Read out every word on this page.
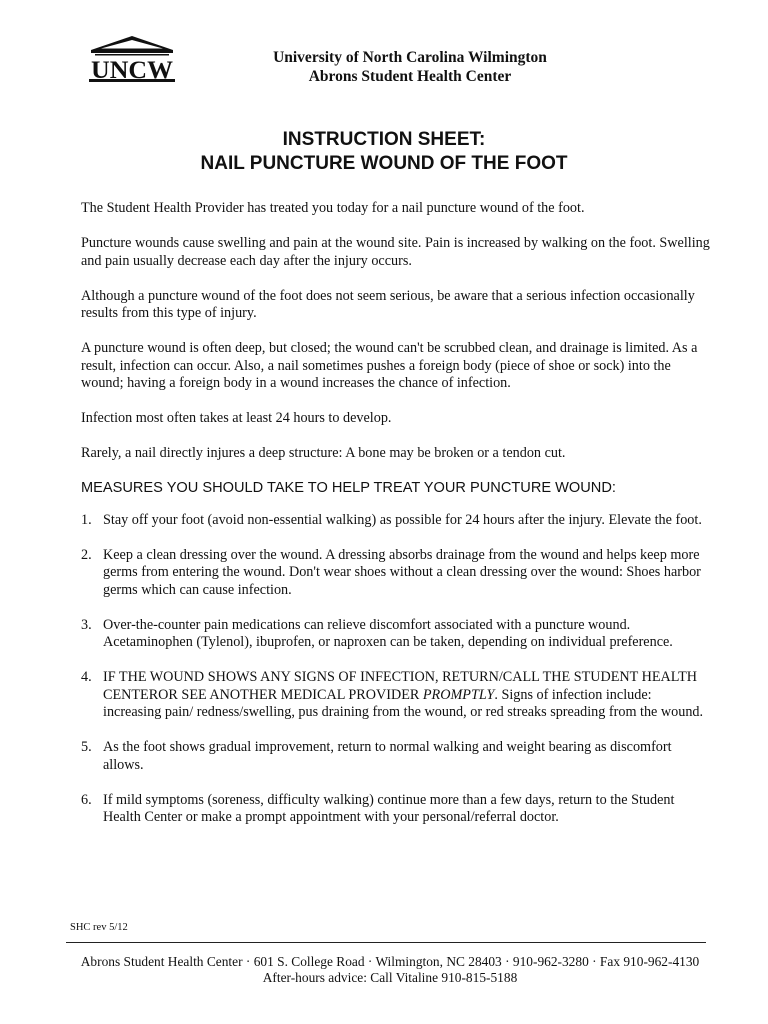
UNCW	University of North Carolina Wilmington
Abrons Student Health Center
INSTRUCTION SHEET:
NAIL PUNCTURE WOUND OF THE FOOT

The Student Health Provider has treated you today for a nail puncture wound of the foot.

Puncture wounds cause swelling and pain at the wound site. Pain is increased by walking on the foot. Swelling and pain usually decrease each day after the injury occurs.

Although a puncture wound of the foot does not seem serious, be aware that a serious infection occasionally results from this type of injury.

A puncture wound is often deep, but closed; the wound can't be scrubbed clean, and drainage is limited. As a result, infection can occur. Also, a nail sometimes pushes a foreign body (piece of shoe or sock) into the wound; having a foreign body in a wound increases the chance of infection.

Infection most often takes at least 24 hours to develop.

Rarely, a nail directly injures a deep structure: A bone may be broken or a tendon cut.

MEASURES YOU SHOULD TAKE TO HELP TREAT YOUR PUNCTURE WOUND:
1. Stay off your foot (avoid non-essential walking) as possible for 24 hours after the injury. Elevate the foot.
2. Keep a clean dressing over the wound. A dressing absorbs drainage from the wound and helps keep more germs from entering the wound. Don't wear shoes without a clean dressing over the wound: Shoes harbor germs which can cause infection.
3. Over-the-counter pain medications can relieve discomfort associated with a puncture wound. Acetaminophen (Tylenol), ibuprofen, or naproxen can be taken, depending on individual preference.
4. IF THE WOUND SHOWS ANY SIGNS OF INFECTION, RETURN/CALL THE STUDENT HEALTH CENTEROR SEE ANOTHER MEDICAL PROVIDER PROMPTLY. Signs of infection include: increasing pain/ redness/swelling, pus draining from the wound, or red streaks spreading from the wound.
5. As the foot shows gradual improvement, return to normal walking and weight bearing as discomfort allows.
6. If mild symptoms (soreness, difficulty walking) continue more than a few days, return to the Student Health Center or make a prompt appointment with your personal/referral doctor.
SHC rev 5/12
Abrons Student Health Center · 601 S. College Road · Wilmington, NC 28403 · 910-962-3280 · Fax 910-962-4130
After-hours advice: Call Vitaline 910-815-5188
